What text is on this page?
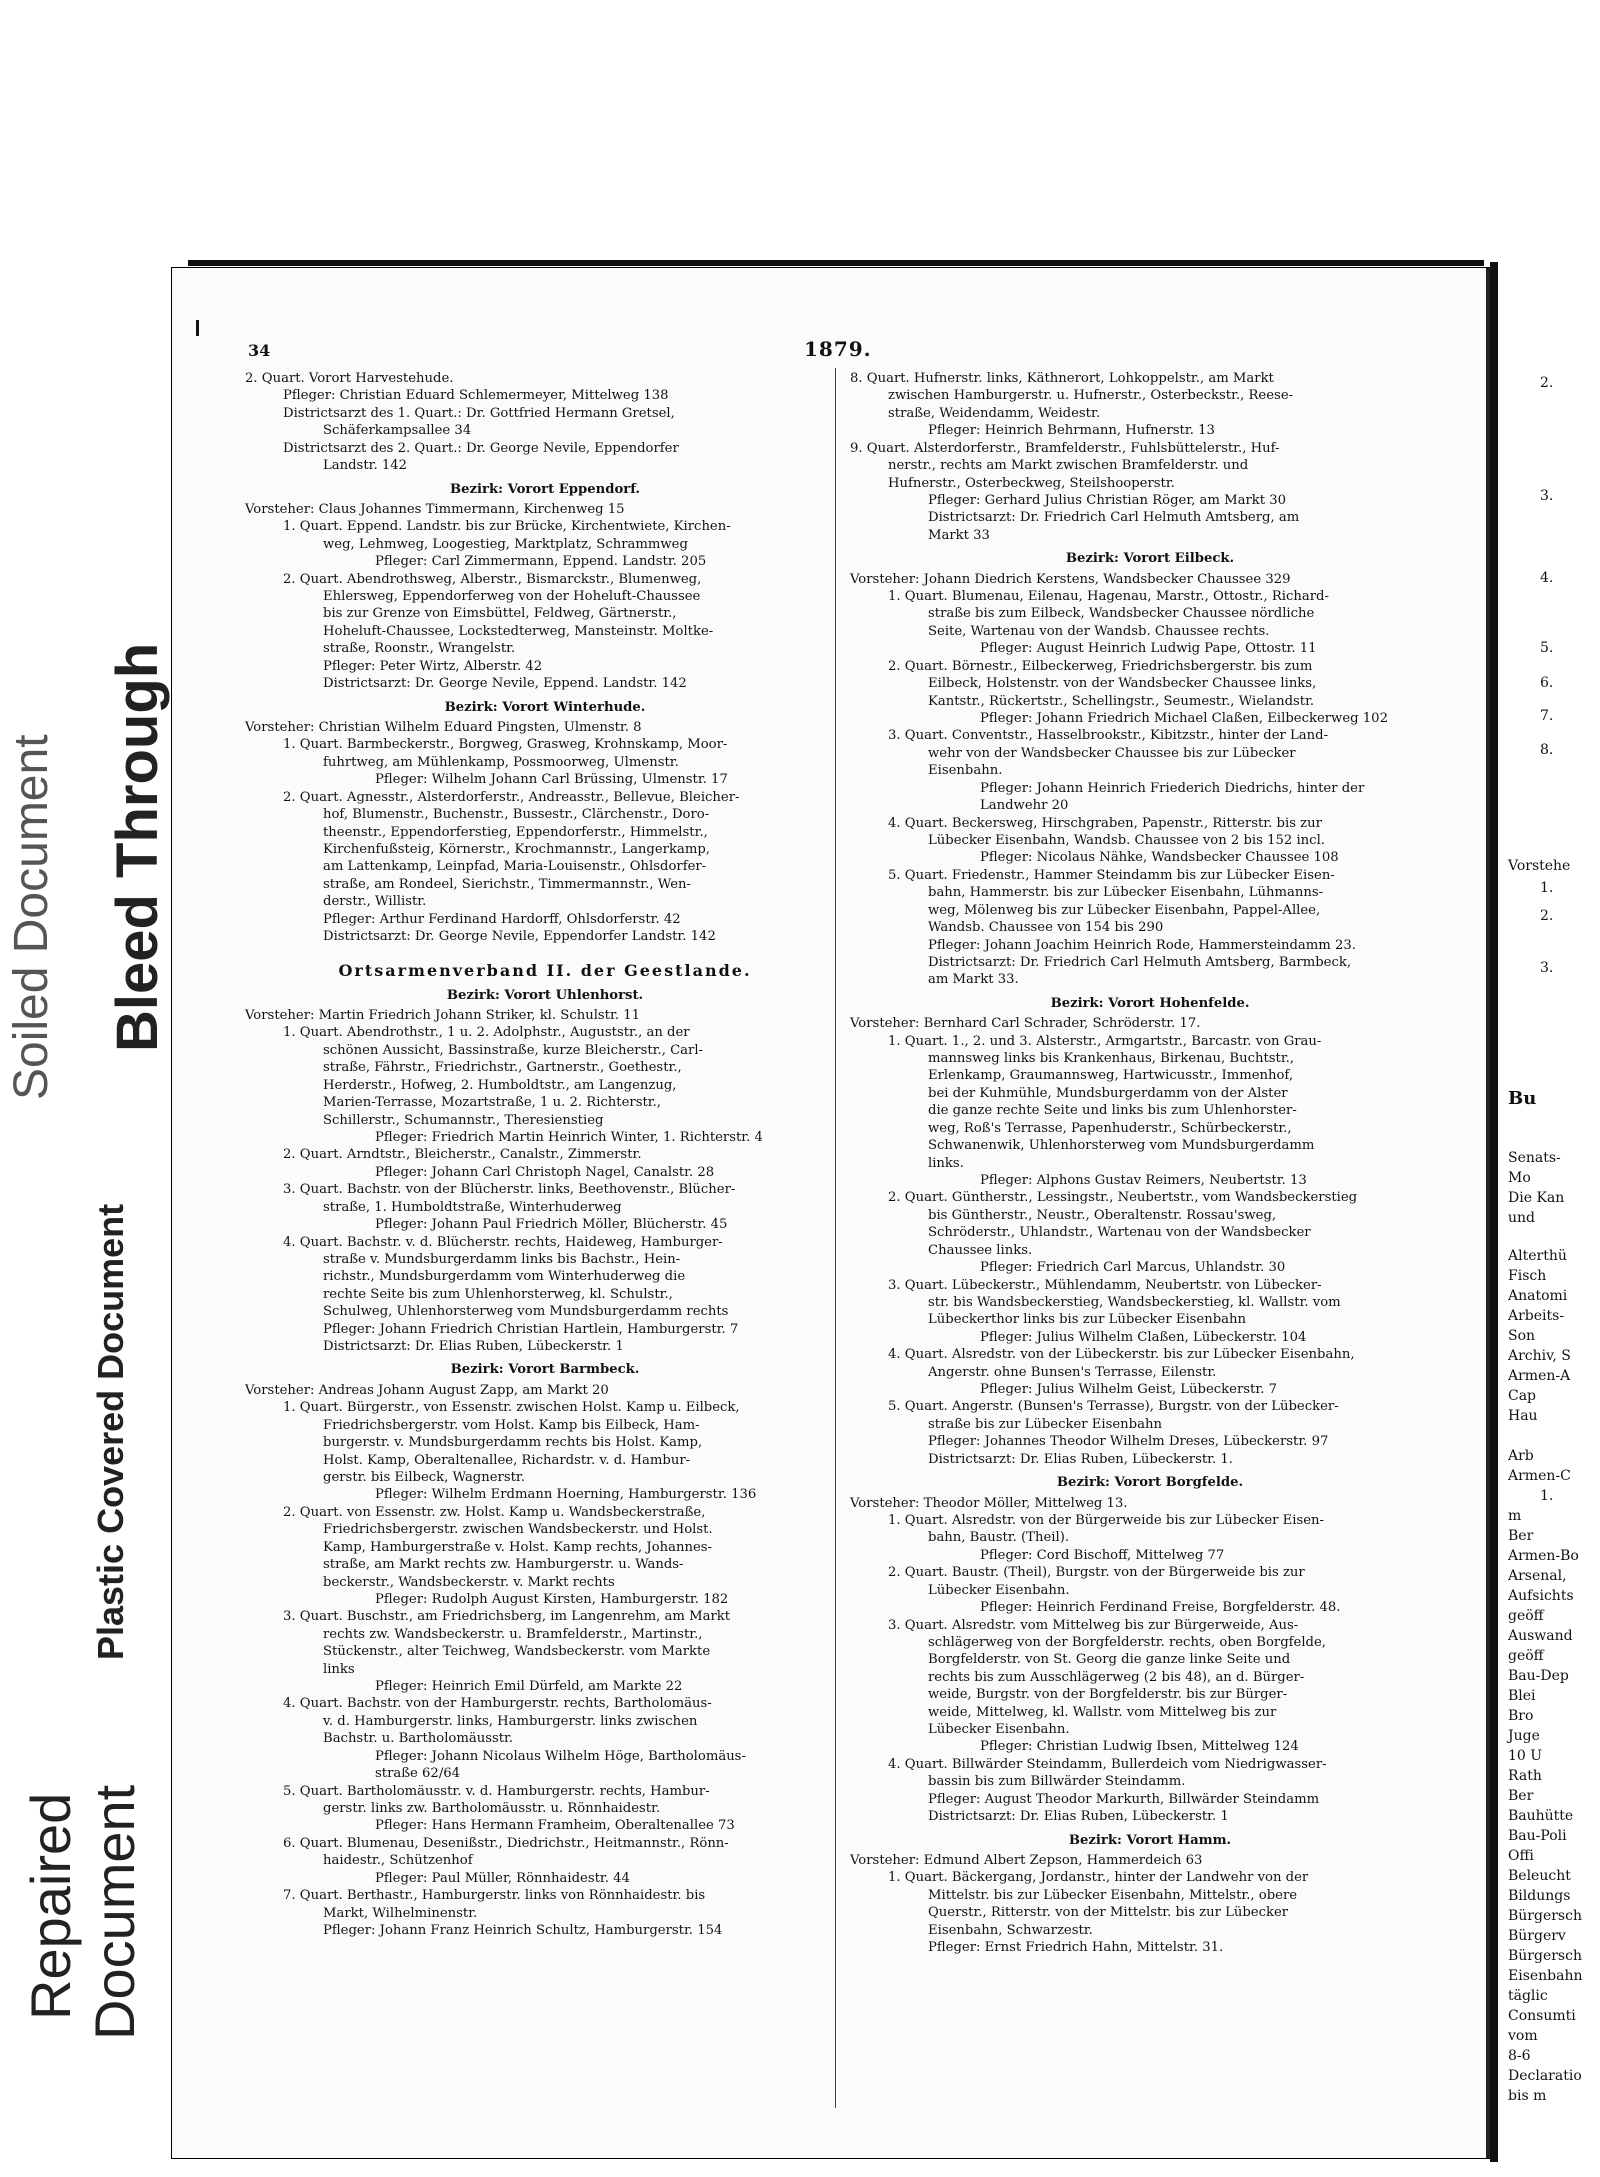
Soiled Document Bleed Through
Plastic Covered Document
Repaired Document
34	1879.

2. Quart. Vorort Harvestehude.

Pfleger: Christian Eduard Schlemermeyer, Mittelweg 138

Districtsarzt des 1. Quart.: Dr. Gottfried Hermann Gretsel,

Schäferkampsallee 34

Districtsarzt des 2. Quart.: Dr. George Nevile, Eppendorfer

Landstr. 142

Bezirk: Vorort Eppendorf.

Vorsteher: Claus Johannes Timmermann, Kirchenweg 15

1. Quart. Eppend. Landstr. bis zur Brücke, Kirchentwiete, Kirchen-

weg, Lehmweg, Loogestieg, Marktplatz, Schrammweg

Pfleger: Carl Zimmermann, Eppend. Landstr. 205

2. Quart. Abendrothsweg, Alberstr., Bismarckstr., Blumenweg,

Ehlersweg, Eppendorferweg von der Hoheluft-Chaussee

bis zur Grenze von Eimsbüttel, Feldweg, Gärtnerstr.,

Hoheluft-Chaussee, Lockstedterweg, Mansteinstr. Moltke-

straße, Roonstr., Wrangelstr.

Pfleger: Peter Wirtz, Alberstr. 42

Districtsarzt: Dr. George Nevile, Eppend. Landstr. 142

Bezirk: Vorort Winterhude.

Vorsteher: Christian Wilhelm Eduard Pingsten, Ulmenstr. 8

1. Quart. Barmbeckerstr., Borgweg, Grasweg, Krohnskamp, Moor-

fuhrtweg, am Mühlenkamp, Possmoorweg, Ulmenstr.

Pfleger: Wilhelm Johann Carl Brüssing, Ulmenstr. 17

2. Quart. Agnesstr., Alsterdorferstr., Andreasstr., Bellevue, Bleicher-

hof, Blumenstr., Buchenstr., Bussestr., Clärchenstr., Doro-

theenstr., Eppendorferstieg, Eppendorferstr., Himmelstr.,

Kirchenfußsteig, Körnerstr., Krochmannstr., Langerkamp,

am Lattenkamp, Leinpfad, Maria-Louisenstr., Ohlsdorfer-

straße, am Rondeel, Sierichstr., Timmermannstr., Wen-

derstr., Willistr.

Pfleger: Arthur Ferdinand Hardorff, Ohlsdorferstr. 42

Districtsarzt: Dr. George Nevile, Eppendorfer Landstr. 142

Ortsarmenverband II. der Geestlande.

Bezirk: Vorort Uhlenhorst.

Vorsteher: Martin Friedrich Johann Striker, kl. Schulstr. 11

1. Quart. Abendrothstr., 1 u. 2. Adolphstr., Auguststr., an der

schönen Aussicht, Bassinstraße, kurze Bleicherstr., Carl-

straße, Fährstr., Friedrichstr., Gartnerstr., Goethestr.,

Herderstr., Hofweg, 2. Humboldtstr., am Langenzug,

Marien-Terrasse, Mozartstraße, 1 u. 2. Richterstr.,

Schillerstr., Schumannstr., Theresienstieg

Pfleger: Friedrich Martin Heinrich Winter, 1. Richterstr. 4

2. Quart. Arndtstr., Bleicherstr., Canalstr., Zimmerstr.

Pfleger: Johann Carl Christoph Nagel, Canalstr. 28

3. Quart. Bachstr. von der Blücherstr. links, Beethovenstr., Blücher-

straße, 1. Humboldtstraße, Winterhuderweg

Pfleger: Johann Paul Friedrich Möller, Blücherstr. 45

4. Quart. Bachstr. v. d. Blücherstr. rechts, Haideweg, Hamburger-

straße v. Mundsburgerdamm links bis Bachstr., Hein-

richstr., Mundsburgerdamm vom Winterhuderweg die

rechte Seite bis zum Uhlenhorsterweg, kl. Schulstr.,

Schulweg, Uhlenhorsterweg vom Mundsburgerdamm rechts

Pfleger: Johann Friedrich Christian Hartlein, Hamburgerstr. 7

Districtsarzt: Dr. Elias Ruben, Lübeckerstr. 1

Bezirk: Vorort Barmbeck.

Vorsteher: Andreas Johann August Zapp, am Markt 20

1. Quart. Bürgerstr., von Essenstr. zwischen Holst. Kamp u. Eilbeck,

Friedrichsbergerstr. vom Holst. Kamp bis Eilbeck, Ham-

burgerstr. v. Mundsburgerdamm rechts bis Holst. Kamp,

Holst. Kamp, Oberaltenallee, Richardstr. v. d. Hambur-

gerstr. bis Eilbeck, Wagnerstr.

Pfleger: Wilhelm Erdmann Hoerning, Hamburgerstr. 136

2. Quart. von Essenstr. zw. Holst. Kamp u. Wandsbeckerstraße,

Friedrichsbergerstr. zwischen Wandsbeckerstr. und Holst.

Kamp, Hamburgerstraße v. Holst. Kamp rechts, Johannes-

straße, am Markt rechts zw. Hamburgerstr. u. Wands-

beckerstr., Wandsbeckerstr. v. Markt rechts

Pfleger: Rudolph August Kirsten, Hamburgerstr. 182

3. Quart. Buschstr., am Friedrichsberg, im Langenrehm, am Markt

rechts zw. Wandsbeckerstr. u. Bramfelderstr., Martinstr.,

Stückenstr., alter Teichweg, Wandsbeckerstr. vom Markte

links

Pfleger: Heinrich Emil Dürfeld, am Markte 22

4. Quart. Bachstr. von der Hamburgerstr. rechts, Bartholomäus-

v. d. Hamburgerstr. links, Hamburgerstr. links zwischen

Bachstr. u. Bartholomäusstr.

Pfleger: Johann Nicolaus Wilhelm Höge, Bartholomäus-

straße 62/64

5. Quart. Bartholomäusstr. v. d. Hamburgerstr. rechts, Hambur-

gerstr. links zw. Bartholomäusstr. u. Rönnhaidestr.

Pfleger: Hans Hermann Framheim, Oberaltenallee 73

6. Quart. Blumenau, Desenißstr., Diedrichstr., Heitmannstr., Rönn-

haidestr., Schützenhof

Pfleger: Paul Müller, Rönnhaidestr. 44

7. Quart. Berthastr., Hamburgerstr. links von Rönnhaidestr. bis

Markt, Wilhelminenstr.

Pfleger: Johann Franz Heinrich Schultz, Hamburgerstr. 154

8. Quart. Hufnerstr. links, Käthnerort, Lohkoppelstr., am Markt

zwischen Hamburgerstr. u. Hufnerstr., Osterbeckstr., Reese-

straße, Weidendamm, Weidestr.

Pfleger: Heinrich Behrmann, Hufnerstr. 13

9. Quart. Alsterdorferstr., Bramfelderstr., Fuhlsbüttelerstr., Huf-

nerstr., rechts am Markt zwischen Bramfelderstr. und

Hufnerstr., Osterbeckweg, Steilshooperstr.

Pfleger: Gerhard Julius Christian Röger, am Markt 30

Districtsarzt: Dr. Friedrich Carl Helmuth Amtsberg, am

Markt 33

Bezirk: Vorort Eilbeck.

Vorsteher: Johann Diedrich Kerstens, Wandsbecker Chaussee 329

1. Quart. Blumenau, Eilenau, Hagenau, Marstr., Ottostr., Richard-

straße bis zum Eilbeck, Wandsbecker Chaussee nördliche

Seite, Wartenau von der Wandsb. Chaussee rechts.

Pfleger: August Heinrich Ludwig Pape, Ottostr. 11

2. Quart. Börnestr., Eilbeckerweg, Friedrichsbergerstr. bis zum

Eilbeck, Holstenstr. von der Wandsbecker Chaussee links,

Kantstr., Rückertstr., Schellingstr., Seumestr., Wielandstr.

Pfleger: Johann Friedrich Michael Claßen, Eilbeckerweg 102

3. Quart. Conventstr., Hasselbrookstr., Kibitzstr., hinter der Land-

wehr von der Wandsbecker Chaussee bis zur Lübecker

Eisenbahn.

Pfleger: Johann Heinrich Friederich Diedrichs, hinter der

Landwehr 20

4. Quart. Beckersweg, Hirschgraben, Papenstr., Ritterstr. bis zur

Lübecker Eisenbahn, Wandsb. Chaussee von 2 bis 152 incl.

Pfleger: Nicolaus Nähke, Wandsbecker Chaussee 108

5. Quart. Friedenstr., Hammer Steindamm bis zur Lübecker Eisen-

bahn, Hammerstr. bis zur Lübecker Eisenbahn, Lühmanns-

weg, Mölenweg bis zur Lübecker Eisenbahn, Pappel-Allee,

Wandsb. Chaussee von 154 bis 290

Pfleger: Johann Joachim Heinrich Rode, Hammersteindamm 23.

Districtsarzt: Dr. Friedrich Carl Helmuth Amtsberg, Barmbeck,

am Markt 33.

Bezirk: Vorort Hohenfelde.

Vorsteher: Bernhard Carl Schrader, Schröderstr. 17.

1. Quart. 1., 2. und 3. Alsterstr., Armgartstr., Barcastr. von Grau-

mannsweg links bis Krankenhaus, Birkenau, Buchtstr.,

Erlenkamp, Graumannsweg, Hartwicusstr., Immenhof,

bei der Kuhmühle, Mundsburgerdamm von der Alster

die ganze rechte Seite und links bis zum Uhlenhorster-

weg, Roß's Terrasse, Papenhuderstr., Schürbeckerstr.,

Schwanenwik, Uhlenhorsterweg vom Mundsburgerdamm

links.

Pfleger: Alphons Gustav Reimers, Neubertstr. 13

2. Quart. Güntherstr., Lessingstr., Neubertstr., vom Wandsbeckerstieg

bis Güntherstr., Neustr., Oberaltenstr. Rossau'sweg,

Schröderstr., Uhlandstr., Wartenau von der Wandsbecker

Chaussee links.

Pfleger: Friedrich Carl Marcus, Uhlandstr. 30

3. Quart. Lübeckerstr., Mühlendamm, Neubertstr. von Lübecker-

str. bis Wandsbeckerstieg, Wandsbeckerstieg, kl. Wallstr. vom

Lübeckerthor links bis zur Lübecker Eisenbahn

Pfleger: Julius Wilhelm Claßen, Lübeckerstr. 104

4. Quart. Alsredstr. von der Lübeckerstr. bis zur Lübecker Eisenbahn,

Angerstr. ohne Bunsen's Terrasse, Eilenstr.

Pfleger: Julius Wilhelm Geist, Lübeckerstr. 7

5. Quart. Angerstr. (Bunsen's Terrasse), Burgstr. von der Lübecker-

straße bis zur Lübecker Eisenbahn

Pfleger: Johannes Theodor Wilhelm Dreses, Lübeckerstr. 97

Districtsarzt: Dr. Elias Ruben, Lübeckerstr. 1.

Bezirk: Vorort Borgfelde.

Vorsteher: Theodor Möller, Mittelweg 13.

1. Quart. Alsredstr. von der Bürgerweide bis zur Lübecker Eisen-

bahn, Baustr. (Theil).

Pfleger: Cord Bischoff, Mittelweg 77

2. Quart. Baustr. (Theil), Burgstr. von der Bürgerweide bis zur

Lübecker Eisenbahn.

Pfleger: Heinrich Ferdinand Freise, Borgfelderstr. 48.

3. Quart. Alsredstr. vom Mittelweg bis zur Bürgerweide, Aus-

schlägerweg von der Borgfelderstr. rechts, oben Borgfelde,

Borgfelderstr. von St. Georg die ganze linke Seite und

rechts bis zum Ausschlägerweg (2 bis 48), an d. Bürger-

weide, Burgstr. von der Borgfelderstr. bis zur Bürger-

weide, Mittelweg, kl. Wallstr. vom Mittelweg bis zur

Lübecker Eisenbahn.

Pfleger: Christian Ludwig Ibsen, Mittelweg 124

4. Quart. Billwärder Steindamm, Bullerdeich vom Niedrigwasser-

bassin bis zum Billwärder Steindamm.

Pfleger: August Theodor Markurth, Billwärder Steindamm

Districtsarzt: Dr. Elias Ruben, Lübeckerstr. 1

Bezirk: Vorort Hamm.

Vorsteher: Edmund Albert Zepson, Hammerdeich 63

1. Quart. Bäckergang, Jordanstr., hinter der Landwehr von der

Mittelstr. bis zur Lübecker Eisenbahn, Mittelstr., obere

Querstr., Ritterstr. von der Mittelstr. bis zur Lübecker

Eisenbahn, Schwarzestr.

Pfleger: Ernst Friedrich Hahn, Mittelstr. 31.

2.
3.
4.
5.
6.
7.
8.
Vorstehe
1.
2.
3.
Bu
Senats-
Mo
Die Kan
und
Alterthü
Fisch
Anatomi
Arbeits-
Son
Archiv, S
Armen-A
Cap
Hau
Arb
Armen-C
1.
m
Ber
Armen-Bo
Arsenal,
Aufsichts
geöff
Auswand
geöff
Bau-Dep
Blei
Bro
Juge
10 U
Rath
Ber
Bauhütte
Bau-Poli
Offi
Beleucht
Bildungs
Bürgersch
Bürgerv
Bürgersch
Eisenbahn
täglic
Consumti
vom
8-6
Declaratio
bis m
